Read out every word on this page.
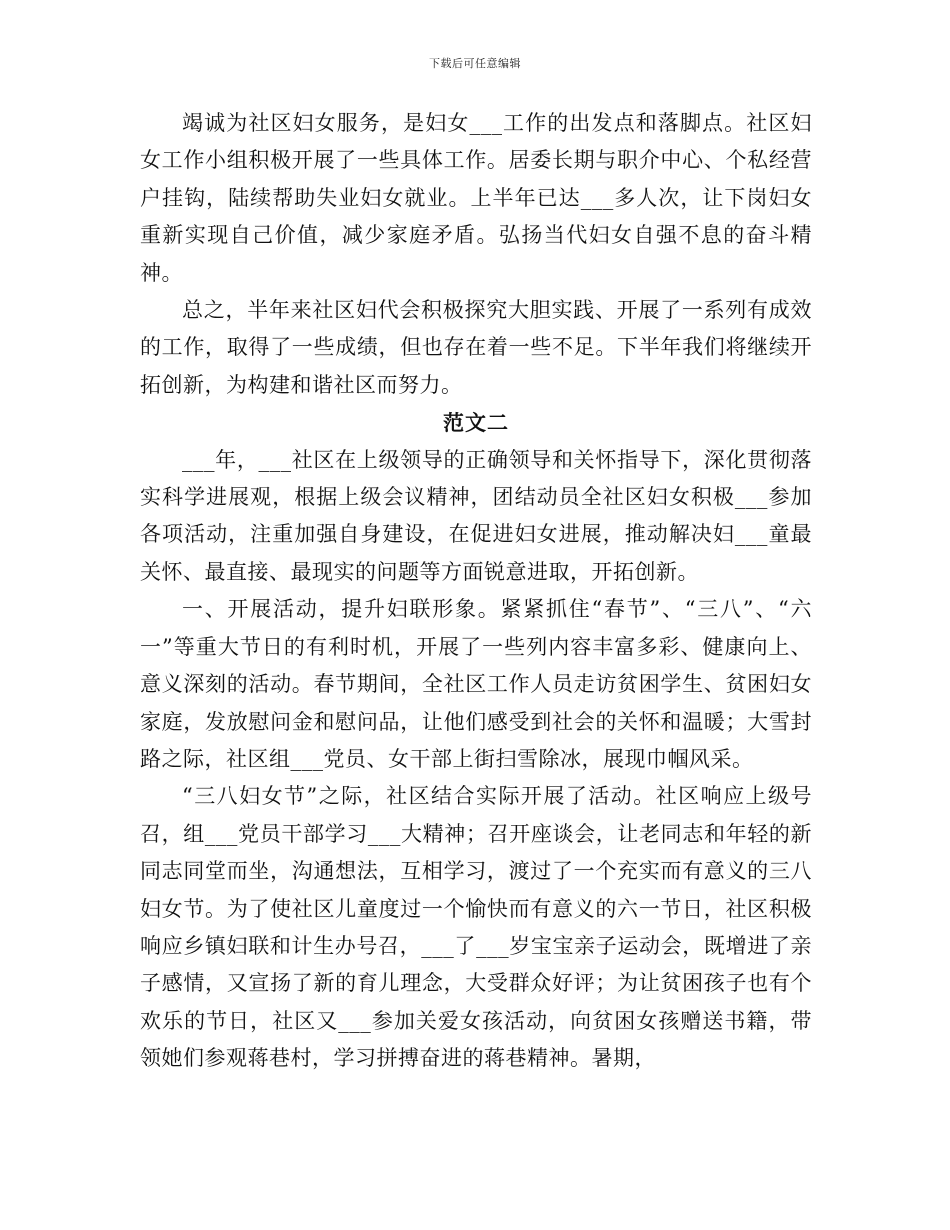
下载后可任意编辑

竭诚为社区妇女服务，是妇女___工作的出发点和落脚点。社区妇女工作小组积极开展了一些具体工作。居委长期与职介中心、个私经营户挂钩，陆续帮助失业妇女就业。上半年已达___多人次，让下岗妇女重新实现自己价值，减少家庭矛盾。弘扬当代妇女自强不息的奋斗精神。

总之，半年来社区妇代会积极探究大胆实践、开展了一系列有成效的工作，取得了一些成绩，但也存在着一些不足。下半年我们将继续开拓创新，为构建和谐社区而努力。

范文二

___年，___社区在上级领导的正确领导和关怀指导下，深化贯彻落实科学进展观，根据上级会议精神，团结动员全社区妇女积极___参加各项活动，注重加强自身建设，在促进妇女进展，推动解决妇___童最关怀、最直接、最现实的问题等方面锐意进取，开拓创新。

一、开展活动，提升妇联形象。紧紧抓住“春节”、“三八”、“六一”等重大节日的有利时机，开展了一些列内容丰富多彩、健康向上、意义深刻的活动。春节期间，全社区工作人员走访贫困学生、贫困妇女家庭，发放慰问金和慰问品，让他们感受到社会的关怀和温暖；大雪封路之际，社区组___党员、女干部上街扫雪除冰，展现巾帼风采。

“三八妇女节”之际，社区结合实际开展了活动。社区响应上级号召，组___党员干部学习___大精神；召开座谈会，让老同志和年轻的新同志同堂而坐，沟通想法，互相学习，渡过了一个充实而有意义的三八妇女节。为了使社区儿童度过一个愉快而有意义的六一节日，社区积极响应乡镇妇联和计生办号召，___了___岁宝宝亲子运动会，既增进了亲子感情，又宣扬了新的育儿理念，大受群众好评；为让贫困孩子也有个欢乐的节日，社区又___参加关爱女孩活动，向贫困女孩赠送书籍，带领她们参观蒋巷村，学习拼搏奋进的蒋巷精神。暑期，
